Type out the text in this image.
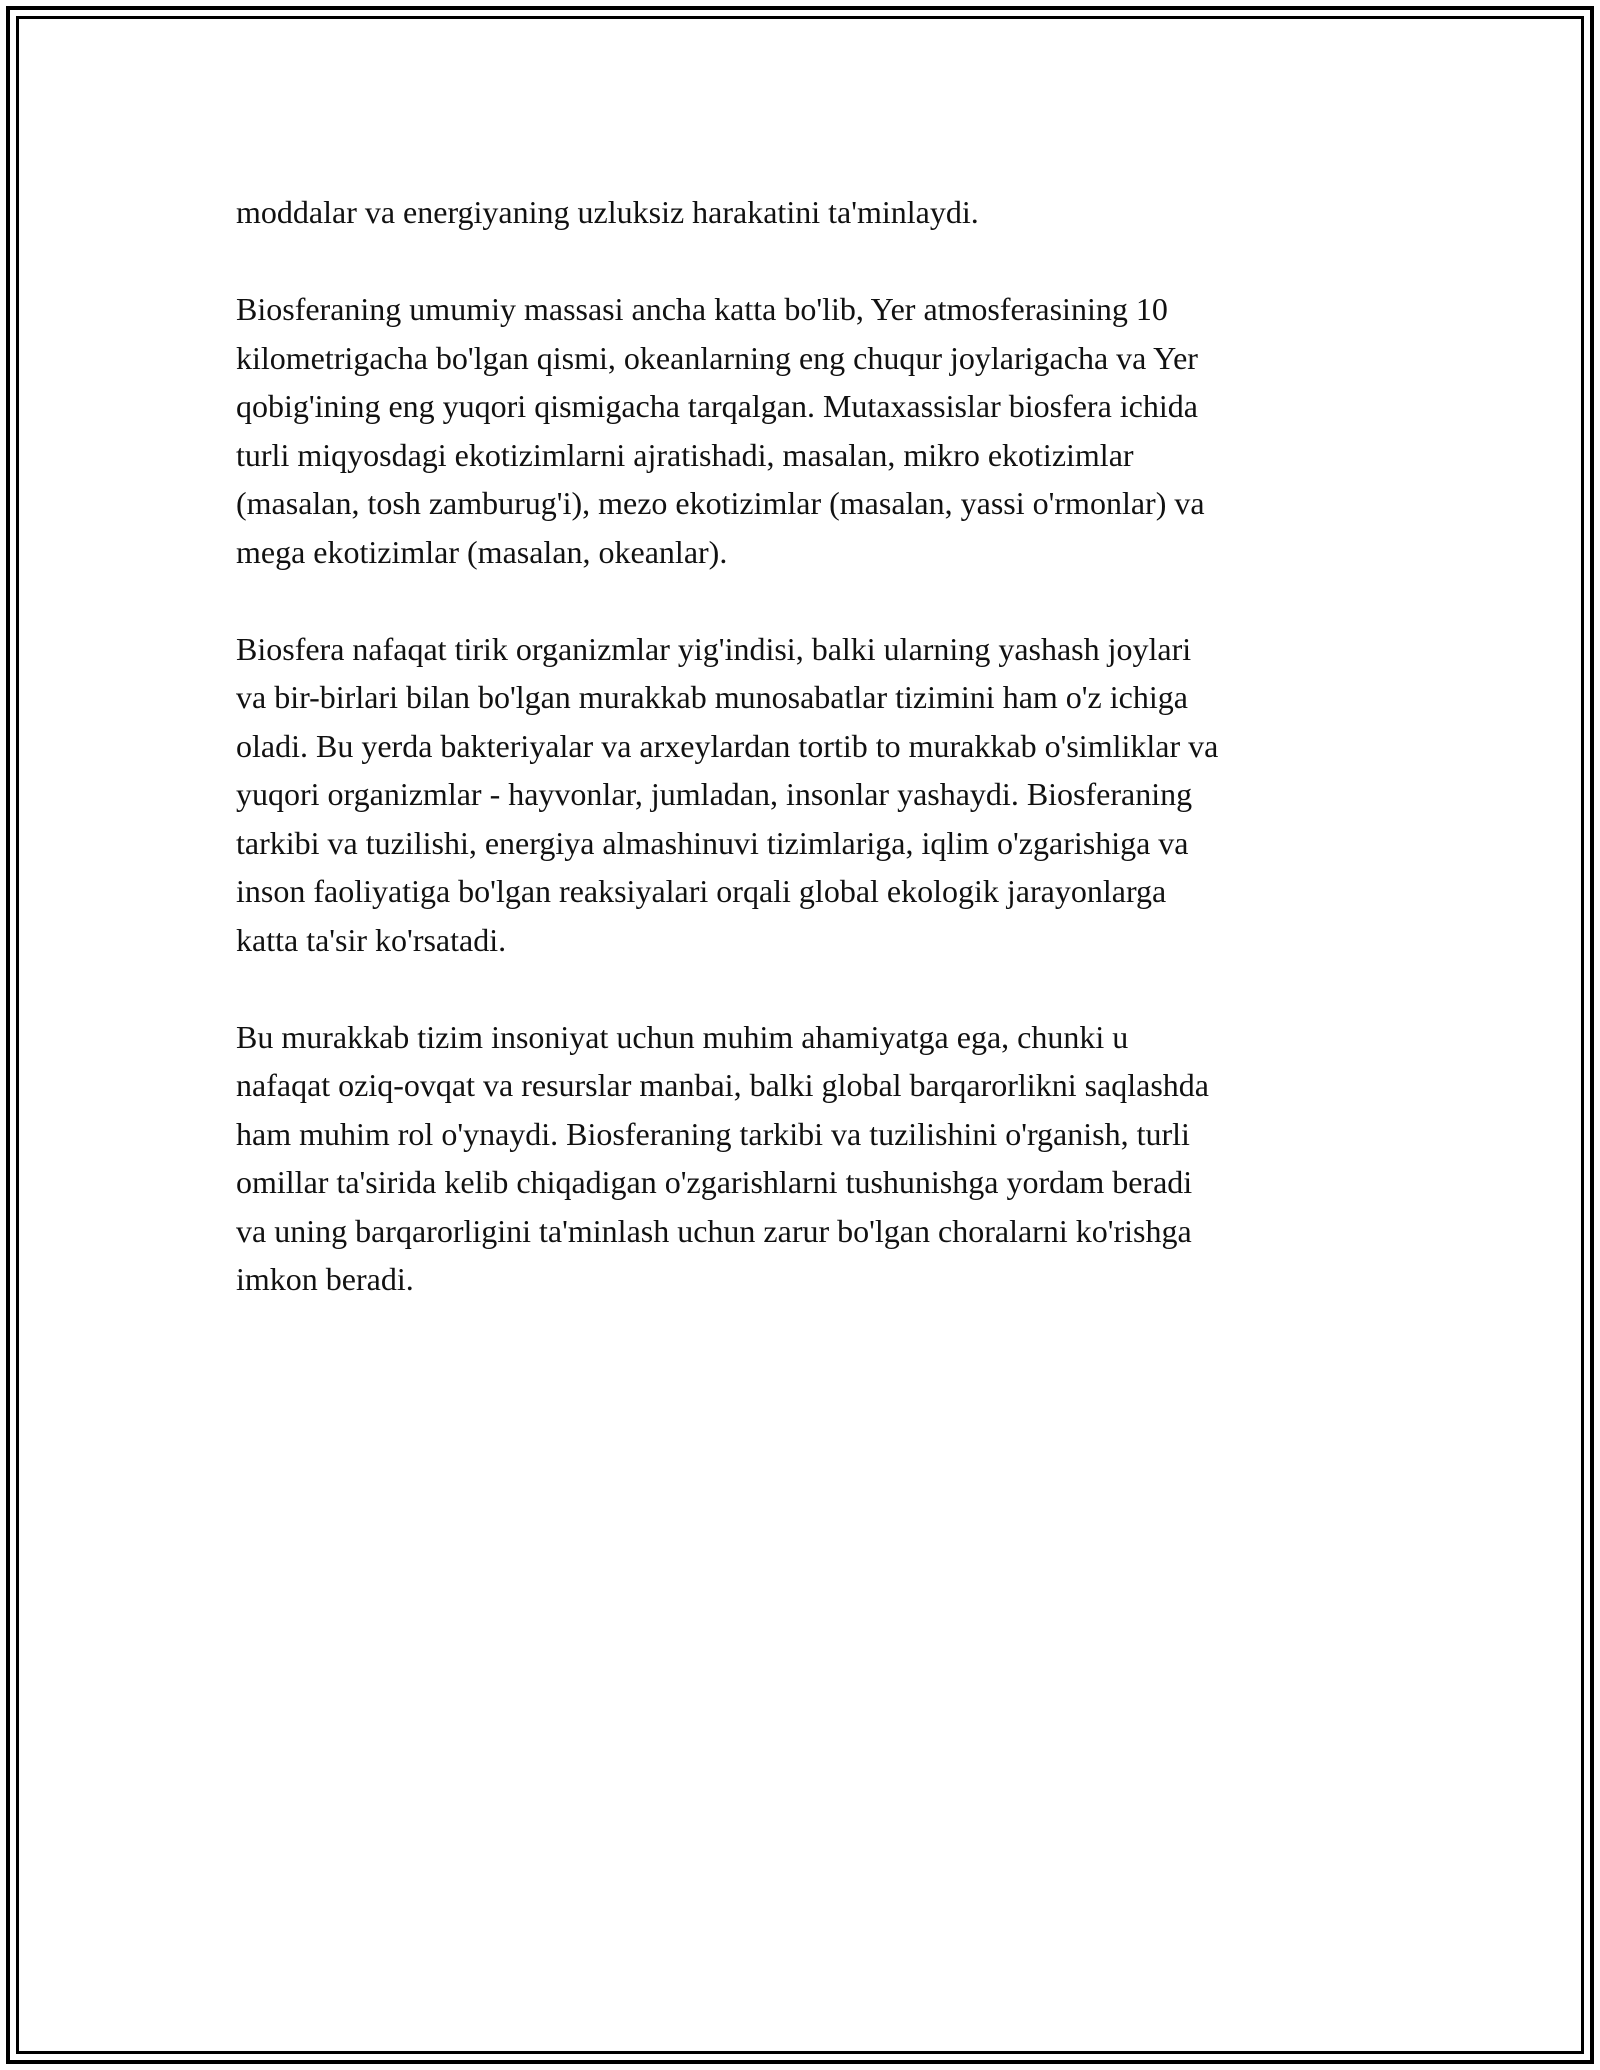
moddalar va energiyaning uzluksiz harakatini ta'minlaydi.

Biosferaning umumiy massasi ancha katta bo'lib, Yer atmosferasining 10
kilometrigacha bo'lgan qismi, okeanlarning eng chuqur joylarigacha va Yer
qobig'ining eng yuqori qismigacha tarqalgan. Mutaxassislar biosfera ichida
turli miqyosdagi ekotizimlarni ajratishadi, masalan, mikro ekotizimlar
(masalan, tosh zamburug'i), mezo ekotizimlar (masalan, yassi o'rmonlar) va
mega ekotizimlar (masalan, okeanlar).

Biosfera nafaqat tirik organizmlar yig'indisi, balki ularning yashash joylari
va bir-birlari bilan bo'lgan murakkab munosabatlar tizimini ham o'z ichiga
oladi. Bu yerda bakteriyalar va arxeylardan tortib to murakkab o'simliklar va
yuqori organizmlar - hayvonlar, jumladan, insonlar yashaydi. Biosferaning
tarkibi va tuzilishi, energiya almashinuvi tizimlariga, iqlim o'zgarishiga va
inson faoliyatiga bo'lgan reaksiyalari orqali global ekologik jarayonlarga
katta ta'sir ko'rsatadi.

Bu murakkab tizim insoniyat uchun muhim ahamiyatga ega, chunki u
nafaqat oziq-ovqat va resurslar manbai, balki global barqarorlikni saqlashda
ham muhim rol o'ynaydi. Biosferaning tarkibi va tuzilishini o'rganish, turli
omillar ta'sirida kelib chiqadigan o'zgarishlarni tushunishga yordam beradi
va uning barqarorligini ta'minlash uchun zarur bo'lgan choralarni ko'rishga
imkon beradi.
